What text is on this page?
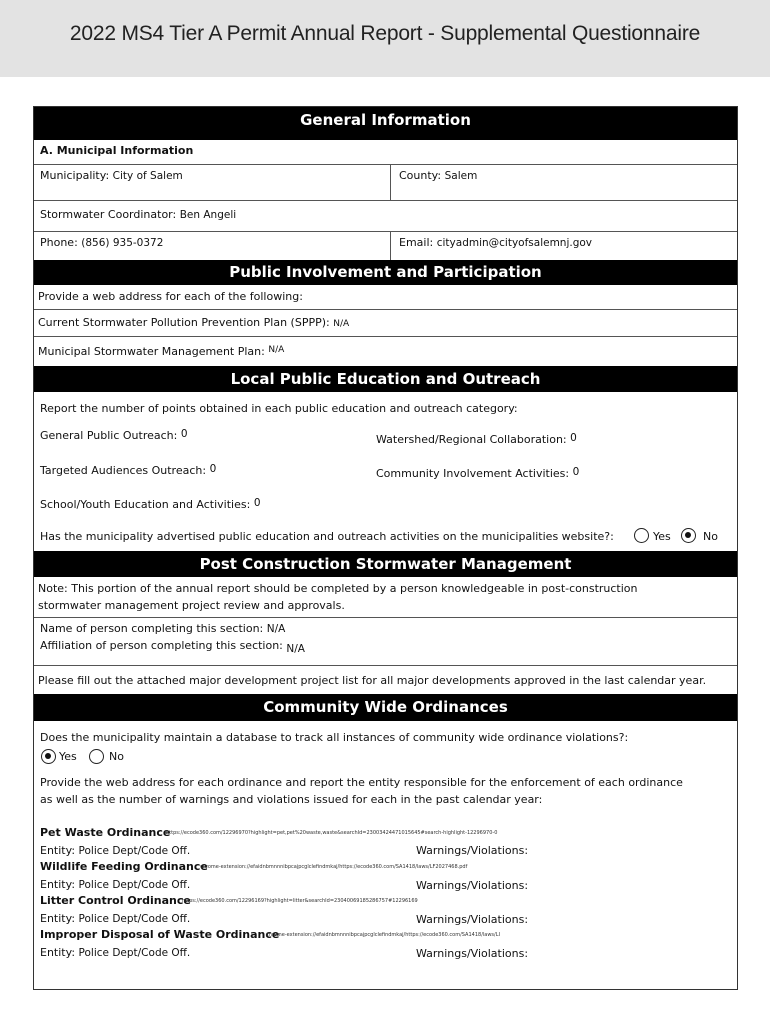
2022 MS4 Tier A Permit Annual Report - Supplemental Questionnaire
General Information
A. Municipal Information
Municipality: City of Salem	County: Salem
Stormwater Coordinator: Ben Angeli
Phone: (856) 935-0372	Email: cityadmin@cityofsalemnj.gov
Public Involvement and Participation
Provide a web address for each of the following:
Current Stormwater Pollution Prevention Plan (SPPP): N/A
Municipal Stormwater Management Plan: $^{N/A}$
Local Public Education and Outreach
Report the number of points obtained in each public education and outreach category:
General Public Outreach: 0	Watershed/Regional Collaboration: 0
Targeted Audiences Outreach: 0	Community Involvement Activities: 0
School/Youth Education and Activities: 0
Has the municipality advertised public education and outreach activities on the municipalities website?:	Yes	No
Post Construction Stormwater Management
Note: This portion of the annual report should be completed by a person knowledgeable in post-construction
stormwater management project review and approvals.
Name of person completing this section: N/A
Affiliation of person completing this section: N/A
Please fill out the attached major development project list for all major developments approved in the last calendar year.
Community Wide Ordinances
Does the municipality maintain a database to track all instances of community wide ordinance violations?:
Yes	No
Provide the web address for each ordinance and report the entity responsible for the enforcement of each ordinance
as well as the number of warnings and violations issued for each in the past calendar year:
Pet Waste Ordinance
https://ecode360.com/12296970?highlight=pet,pet%20waste,waste&searchId=23003424471015645#search-highlight-12296970-0
Entity: Police Dept/Code Off.	Warnings/Violations:
Wildlife Feeding Ordinance
chrome-extension://efaidnbmnnnibpcajpcglclefindmkaj/https://ecode360.com/SA1418/laws/LF2027468.pdf
Entity: Police Dept/Code Off.	Warnings/Violations:
Litter Control Ordinance
https://ecode360.com/12296169?highlight=litter&searchId=23040069185286757#12296169
Entity: Police Dept/Code Off.	Warnings/Violations:
Improper Disposal of Waste Ordinance
chrome-extension://efaidnbmnnnibpcajpcglclefindmkaj/https://ecode360.com/SA1418/laws/LI
Entity: Police Dept/Code Off.	Warnings/Violations:
